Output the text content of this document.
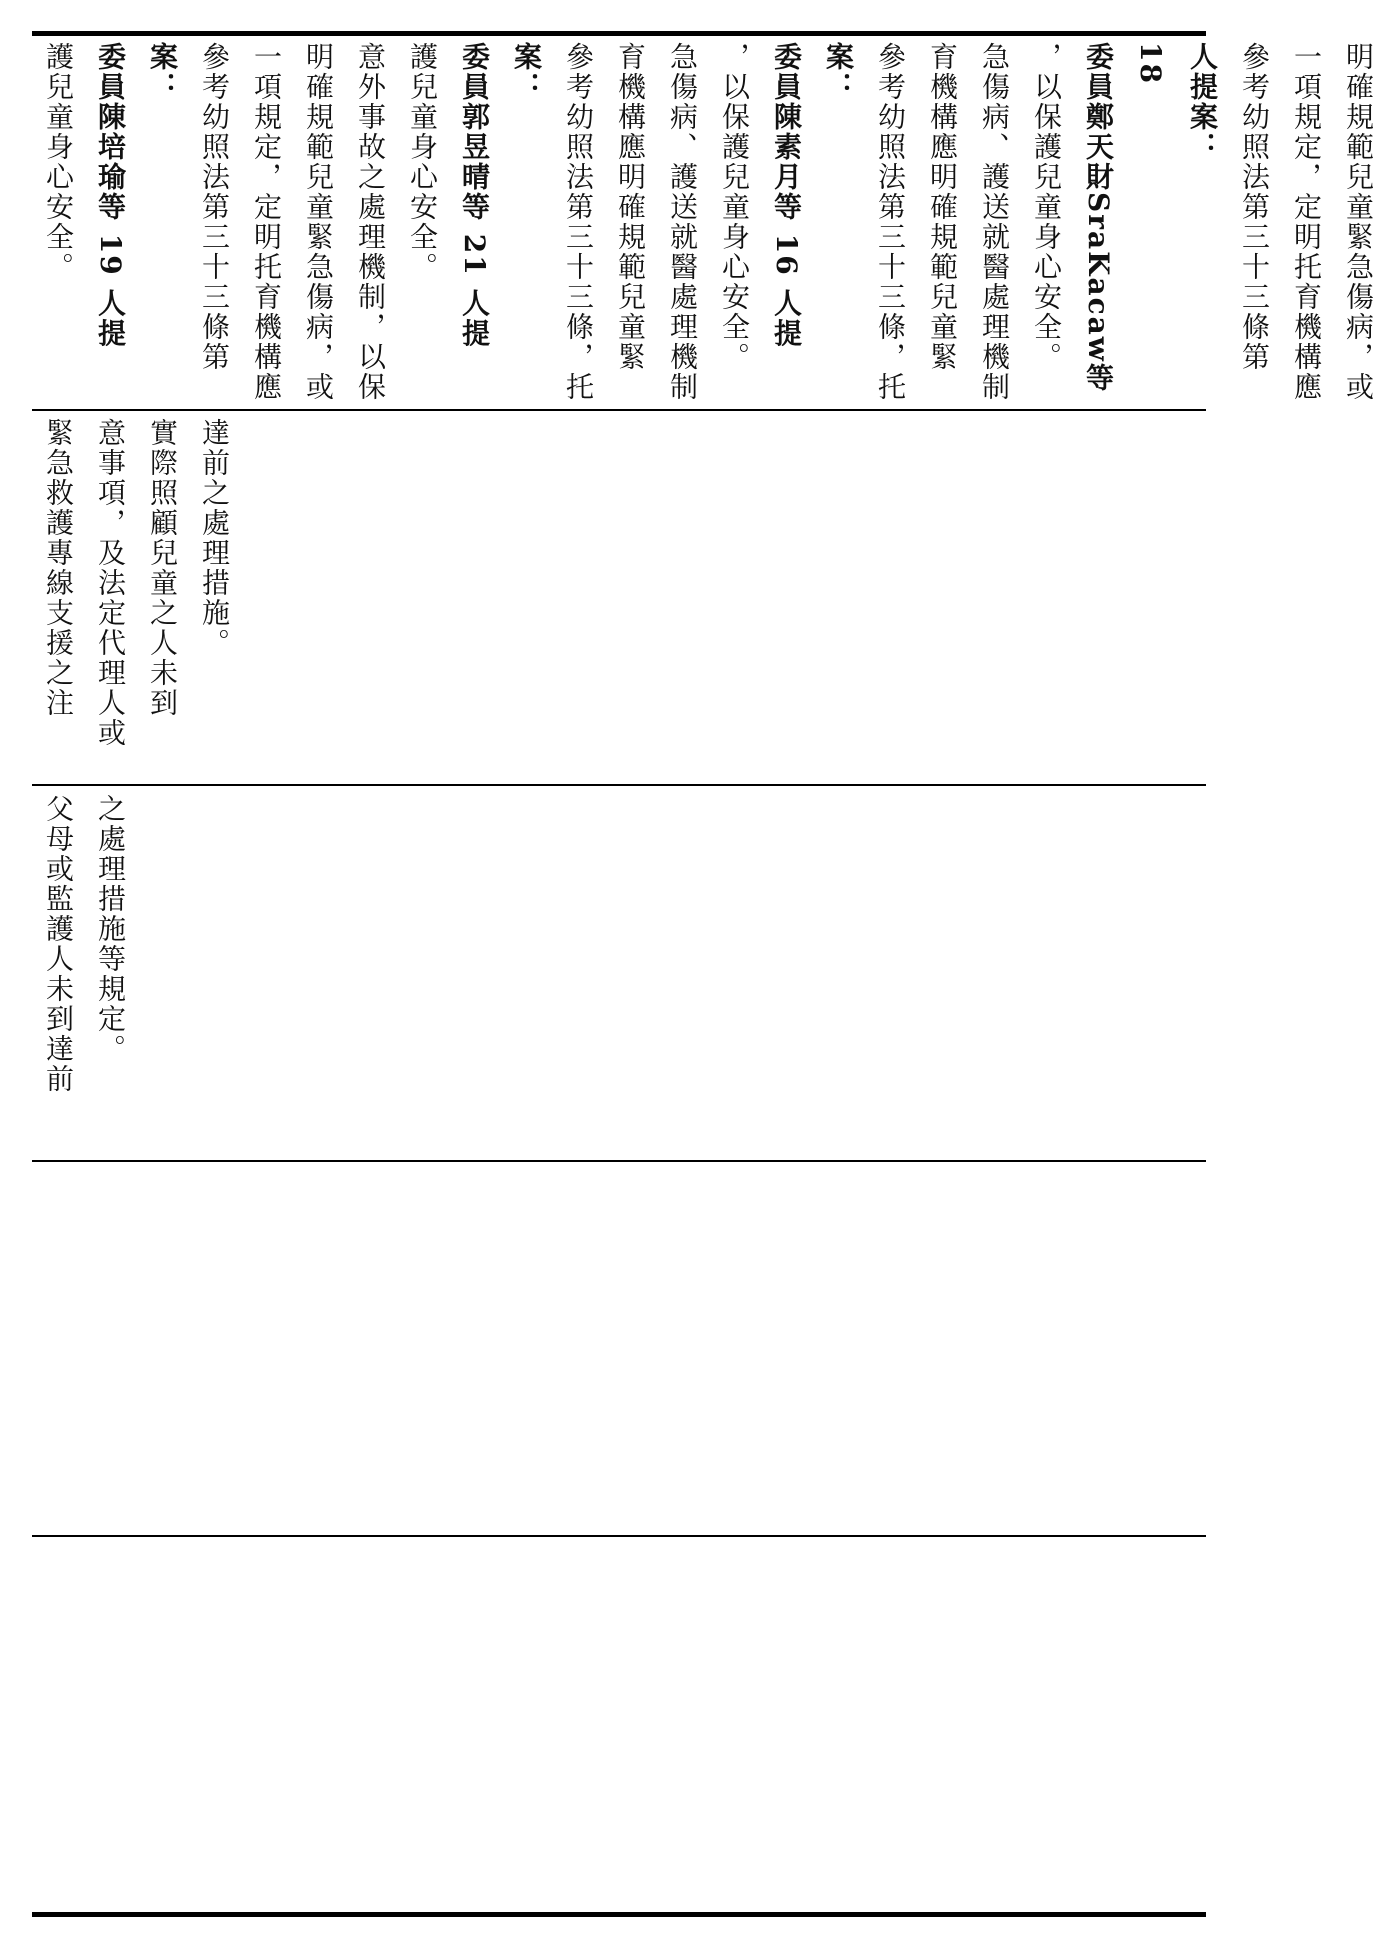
護兒童身心安全。 委員陳培瑜等 19 人提案： 參考幼照法第三十三條第 一項規定，定明托育機構應 明確規範兒童緊急傷病，或 意外事故之處理機制，以保 護兒童身心安全。 委員郭昱晴等 21 人提案： 參考幼照法第三十三條，托 育機構應明確規範兒童緊 急傷病、護送就醫處理機制 ，以保護兒童身心安全。 委員陳素月等 16 人提案： 參考幼照法第三十三條，托 育機構應明確規範兒童緊 急傷病、護送就醫處理機制 ，以保護兒童身心安全。 委員鄭天財SraKacaw等 18 人提案： 參考幼照法第三十三條第 一項規定，定明托育機構應 明確規範兒童緊急傷病，或
緊急救護專線支援之注 意事項，及法定代理人或 實際照顧兒童之人未到 達前之處理措施。
父母或監護人未到達前 之處理措施等規定。
